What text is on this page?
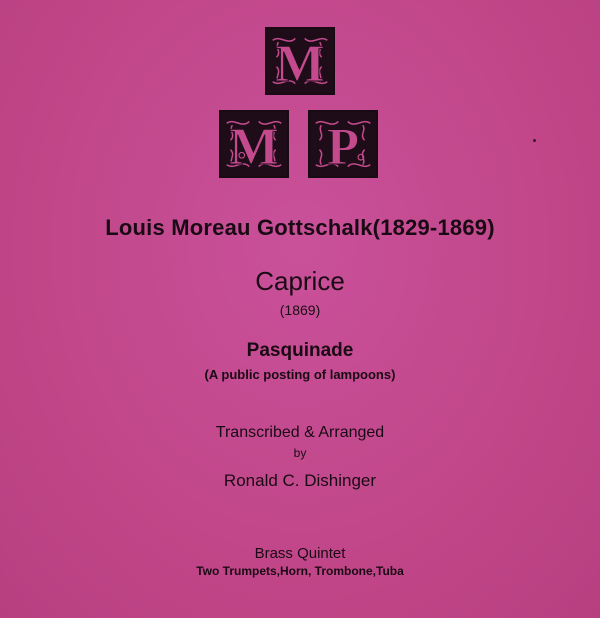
M
M P
Louis Moreau Gottschalk(1829-1869)
Caprice
(1869)
Pasquinade
(A public posting of lampoons)
Transcribed & Arranged
by
Ronald C. Dishinger
Brass Quintet
Two Trumpets,Horn, Trombone,Tuba
